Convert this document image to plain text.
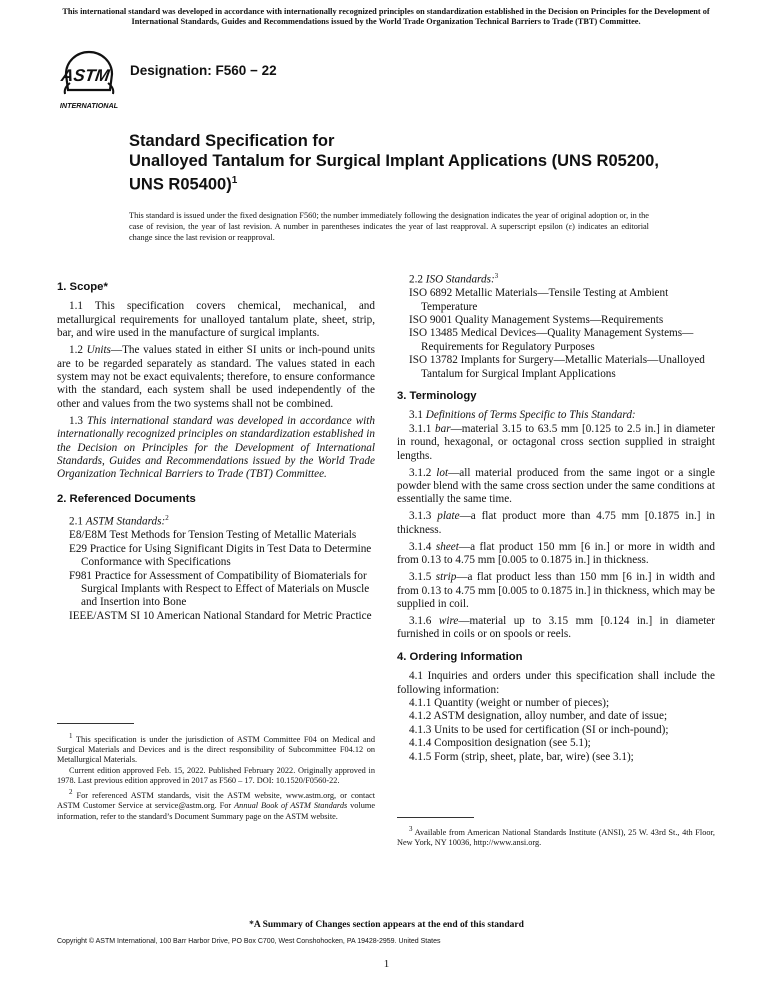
This international standard was developed in accordance with internationally recognized principles on standardization established in the Decision on Principles for the Development of International Standards, Guides and Recommendations issued by the World Trade Organization Technical Barriers to Trade (TBT) Committee.
ASTM
INTERNATIONAL
Designation: F560 − 22
Standard Specification for
Unalloyed Tantalum for Surgical Implant Applications (UNS R05200, UNS R05400)$^1$
This standard is issued under the fixed designation F560; the number immediately following the designation indicates the year of original adoption or, in the case of revision, the year of last revision. A number in parentheses indicates the year of last reapproval. A superscript epsilon (ε) indicates an editorial change since the last revision or reapproval.

1. Scope*

1.1 This specification covers chemical, mechanical, and metallurgical requirements for unalloyed tantalum plate, sheet, strip, bar, and wire used in the manufacture of surgical implants.

1.2 Units—The values stated in either SI units or inch-pound units are to be regarded separately as standard. The values stated in each system may not be exact equivalents; therefore, to ensure conformance with the standard, each system shall be used independently of the other and values from the two systems shall not be combined.

1.3 This international standard was developed in accordance with internationally recognized principles on standardization established in the Decision on Principles for the Development of International Standards, Guides and Recommendations issued by the World Trade Organization Technical Barriers to Trade (TBT) Committee.

2. Referenced Documents

2.1 ASTM Standards:$^2$

E8/E8M Test Methods for Tension Testing of Metallic Materials

E29 Practice for Using Significant Digits in Test Data to Determine Conformance with Specifications

F981 Practice for Assessment of Compatibility of Biomaterials for Surgical Implants with Respect to Effect of Materials on Muscle and Insertion into Bone

IEEE/ASTM SI 10 American National Standard for Metric Practice

$^1$ This specification is under the jurisdiction of ASTM Committee F04 on Medical and Surgical Materials and Devices and is the direct responsibility of Subcommittee F04.12 on Metallurgical Materials.

Current edition approved Feb. 15, 2022. Published February 2022. Originally approved in 1978. Last previous edition approved in 2017 as F560 – 17. DOI: 10.1520/F0560-22.

$^2$ For referenced ASTM standards, visit the ASTM website, www.astm.org, or contact ASTM Customer Service at service@astm.org. For Annual Book of ASTM Standards volume information, refer to the standard’s Document Summary page on the ASTM website.

2.2 ISO Standards:$^3$

ISO 6892 Metallic Materials—Tensile Testing at Ambient Temperature

ISO 9001 Quality Management Systems—Requirements

ISO 13485 Medical Devices—Quality Management Systems—Requirements for Regulatory Purposes

ISO 13782 Implants for Surgery—Metallic Materials—Unalloyed Tantalum for Surgical Implant Applications

3. Terminology

3.1 Definitions of Terms Specific to This Standard:

3.1.1 bar—material 3.15 to 63.5 mm [0.125 to 2.5 in.] in diameter in round, hexagonal, or octagonal cross section supplied in straight lengths.

3.1.2 lot—all material produced from the same ingot or a single powder blend with the same cross section under the same conditions at essentially the same time.

3.1.3 plate—a flat product more than 4.75 mm [0.1875 in.] in thickness.

3.1.4 sheet—a flat product 150 mm [6 in.] or more in width and from 0.13 to 4.75 mm [0.005 to 0.1875 in.] in thickness.

3.1.5 strip—a flat product less than 150 mm [6 in.] in width and from 0.13 to 4.75 mm [0.005 to 0.1875 in.] in thickness, which may be supplied in coil.

3.1.6 wire—material up to 3.15 mm [0.124 in.] in diameter furnished in coils or on spools or reels.

4. Ordering Information

4.1 Inquiries and orders under this specification shall include the following information:

4.1.1 Quantity (weight or number of pieces);

4.1.2 ASTM designation, alloy number, and date of issue;

4.1.3 Units to be used for certification (SI or inch-pound);

4.1.4 Composition designation (see 5.1);

4.1.5 Form (strip, sheet, plate, bar, wire) (see 3.1);

$^3$ Available from American National Standards Institute (ANSI), 25 W. 43rd St., 4th Floor, New York, NY 10036, http://www.ansi.org.

*A Summary of Changes section appears at the end of this standard
Copyright © ASTM International, 100 Barr Harbor Drive, PO Box C700, West Conshohocken, PA 19428-2959. United States
1
